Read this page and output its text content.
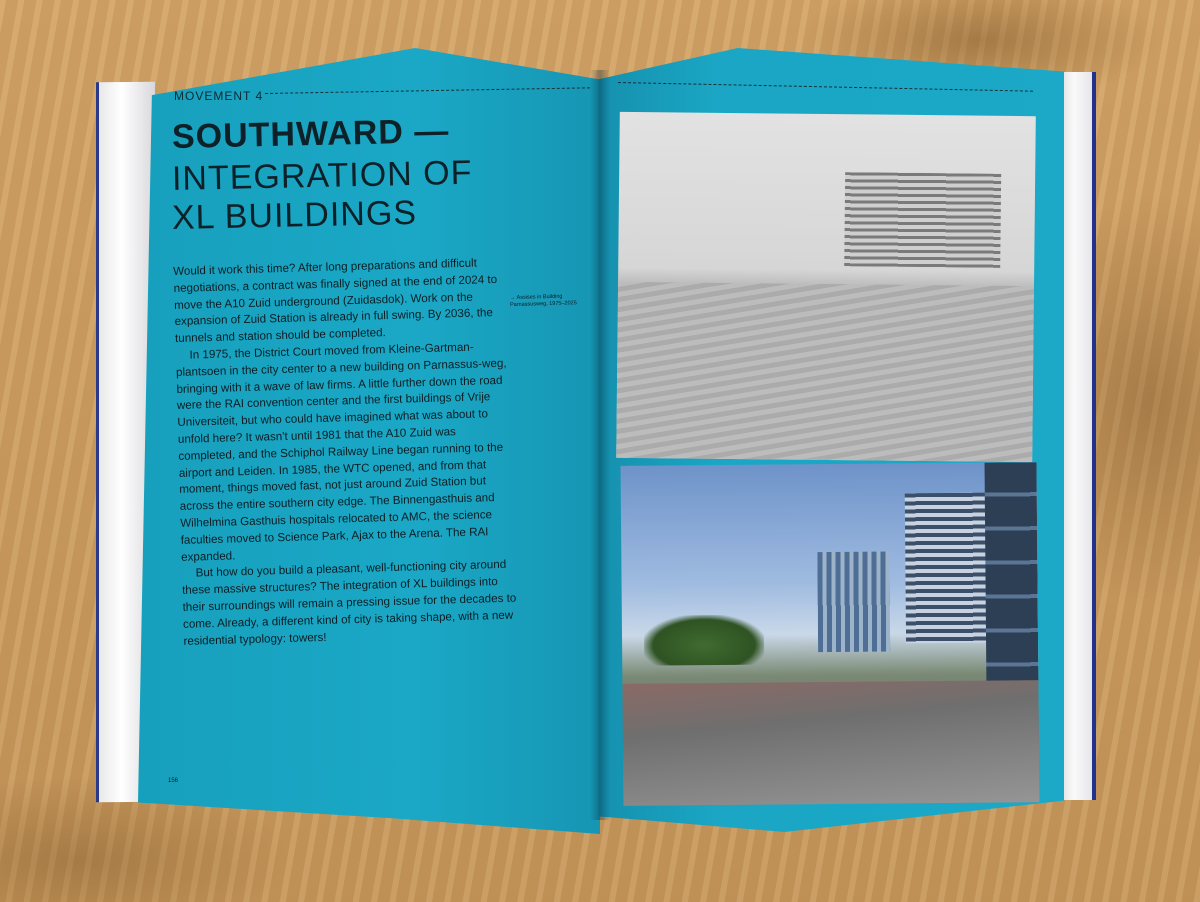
MOVEMENT 4
SOUTHWARD —
INTEGRATION OF
XL BUILDINGS

Would it work this time? After long preparations and difficult negotiations, a contract was finally signed at the end of 2024 to move the A10 Zuid underground (Zuidasdok). Work on the expansion of Zuid Station is already in full swing. By 2036, the tunnels and station should be completed.

In 1975, the District Court moved from Kleine-Gartman-plantsoen in the city center to a new building on Parnassus-weg, bringing with it a wave of law firms. A little further down the road were the RAI convention center and the first buildings of Vrije Universiteit, but who could have imagined what was about to unfold here? It wasn't until 1981 that the A10 Zuid was completed, and the Schiphol Railway Line began running to the airport and Leiden. In 1985, the WTC opened, and from that moment, things moved fast, not just around Zuid Station but across the entire southern city edge. The Binnengasthuis and Wilhelmina Gasthuis hospitals relocated to AMC, the science faculties moved to Science Park, Ajax to the Arena. The RAI expanded.

But how do you build a pleasant, well-functioning city around these massive structures? The integration of XL buildings into their surroundings will remain a pressing issue for the decades to come. Already, a different kind of city is taking shape, with a new residential typology: towers!

→ Assises in Building Parnassusweg, 1975–2025
156
